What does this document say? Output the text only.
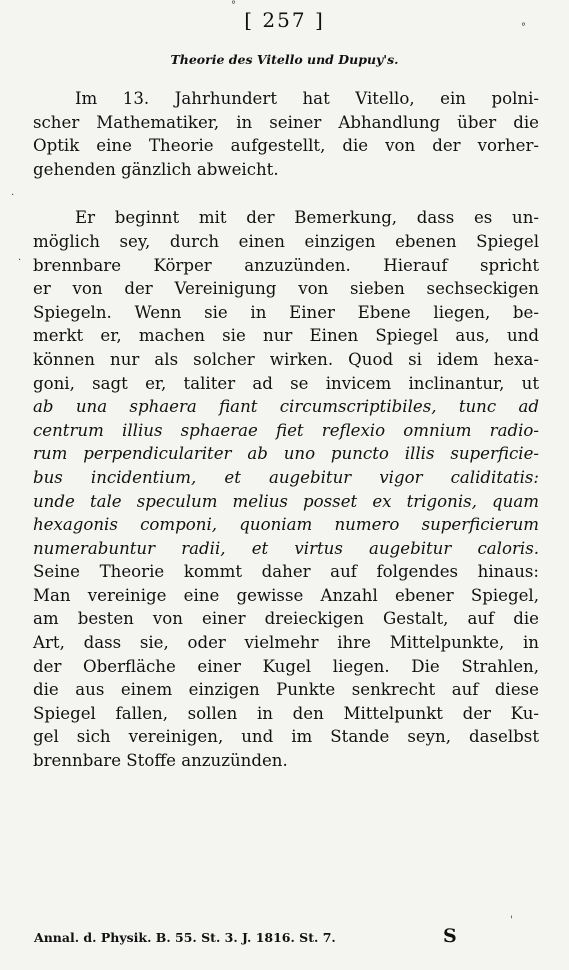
[ 257 ]
Theorie des Vitello und Dupuy's.
Im 13. Jahrhundert hat Vitello, ein polni-
scher Mathematiker, in seiner Abhandlung über die
Optik eine Theorie aufgestellt, die von der vorher-
gehenden gänzlich abweicht.
Er beginnt mit der Bemerkung, dass es un-
möglich sey, durch einen einzigen ebenen Spiegel
brennbare Körper anzuzünden. Hierauf spricht
er von der Vereinigung von sieben sechseckigen
Spiegeln. Wenn sie in Einer Ebene liegen, be-
merkt er, machen sie nur Einen Spiegel aus, und
können nur als solcher wirken. Quod si idem hexa-
goni, sagt er, taliter ad se invicem inclinantur, ut
ab una sphaera fiant circumscriptibiles, tunc ad
centrum illius sphaerae fiet reflexio omnium radio-
rum perpendiculariter ab uno puncto illis superficie-
bus incidentium, et augebitur vigor caliditatis:
unde tale speculum melius posset ex trigonis, quam
hexagonis componi, quoniam numero superficierum
numerabuntur radii, et virtus augebitur caloris.
Seine Theorie kommt daher auf folgendes hinaus:
Man vereinige eine gewisse Anzahl ebener Spiegel,
am besten von einer dreieckigen Gestalt, auf die
Art, dass sie, oder vielmehr ihre Mittelpunkte, in
der Oberfläche einer Kugel liegen. Die Strahlen,
die aus einem einzigen Punkte senkrecht auf diese
Spiegel fallen, sollen in den Mittelpunkt der Ku-
gel sich vereinigen, und im Stande seyn, daselbst
brennbare Stoffe anzuzünden.
Annal. d. Physik. B. 55. St. 3. J. 1816. St. 7.	S
°
°
·
·
'
